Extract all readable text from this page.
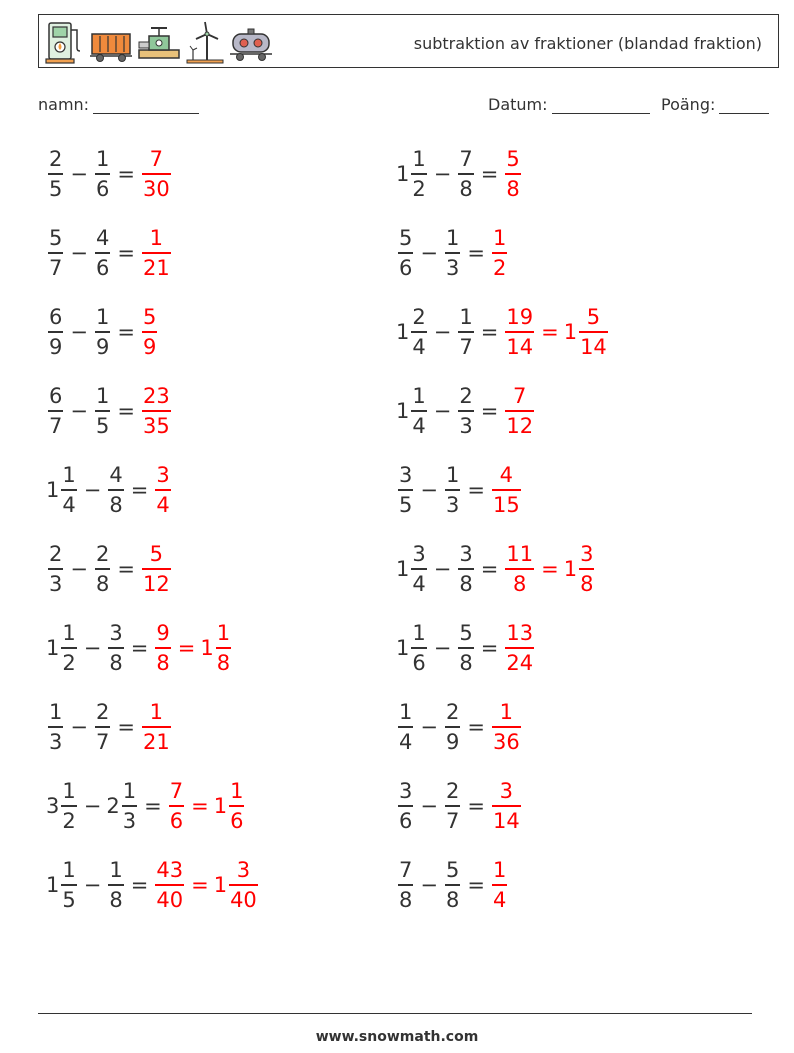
subtraktion av fraktioner (blandad fraktion)
namn:	Datum:	Poäng:
$\frac{2}{5} - \frac{1}{6} = \frac{7}{30}$	$1 \frac{1}{2} - \frac{7}{8} = \frac{5}{8}$
$\frac{5}{7} - \frac{4}{6} = \frac{1}{21}$	$\frac{5}{6} - \frac{1}{3} = \frac{1}{2}$
$\frac{6}{9} - \frac{1}{9} = \frac{5}{9}$	$1 \frac{2}{4} - \frac{1}{7} = \frac{19}{14} = 1 \frac{5}{14}$
$\frac{6}{7} - \frac{1}{5} = \frac{23}{35}$	$1 \frac{1}{4} - \frac{2}{3} = \frac{7}{12}$
$1 \frac{1}{4} - \frac{4}{8} = \frac{3}{4}$	$\frac{3}{5} - \frac{1}{3} = \frac{4}{15}$
$\frac{2}{3} - \frac{2}{8} = \frac{5}{12}$	$1 \frac{3}{4} - \frac{3}{8} = \frac{11}{8} = 1 \frac{3}{8}$
$1 \frac{1}{2} - \frac{3}{8} = \frac{9}{8} = 1 \frac{1}{8}$	$1 \frac{1}{6} - \frac{5}{8} = \frac{13}{24}$
$\frac{1}{3} - \frac{2}{7} = \frac{1}{21}$	$\frac{1}{4} - \frac{2}{9} = \frac{1}{36}$
$3 \frac{1}{2} - 2 \frac{1}{3} = \frac{7}{6} = 1 \frac{1}{6}$	$\frac{3}{6} - \frac{2}{7} = \frac{3}{14}$
$1 \frac{1}{5} - \frac{1}{8} = \frac{43}{40} = 1 \frac{3}{40}$	$\frac{7}{8} - \frac{5}{8} = \frac{1}{4}$
www.snowmath.com
